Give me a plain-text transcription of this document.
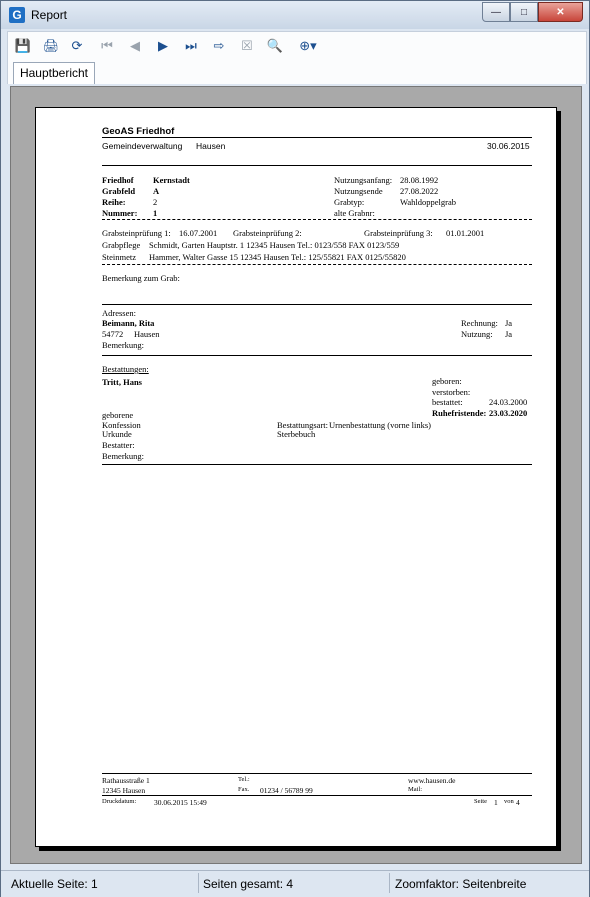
G Report	—	□	✕
💾 🖨 ⟳ ⏮	◀	▶	⏭ ⇨ ☒ 🔍	⊕▾
Hauptbericht
GeoAS Friedhof
Gemeindeverwaltung Hausen	30.06.2015
Friedhof Kernstadt
Grabfeld A
Reihe:	2
Nummer: 1
Nutzungsanfang: 28.08.1992
Nutzungsende 27.08.2022
Grabtyp:	Wahldoppelgrab
alte Grabnr:
Grabsteinprüfung 1: 16.07.2001 Grabsteinprüfung 2:	Grabsteinprüfung 3: 01.01.2001
Grabpflege Schmidt, Garten Hauptstr. 1 12345 Hausen Tel.: 0123/558 FAX 0123/559
Steinmetz Hammer, Walter Gasse 15 12345 Hausen Tel.: 125/55821 FAX 0125/55820
Bemerkung zum Grab:
Adressen:
Beimann, Rita
54772 Hausen
Bemerkung:
Rechnung: Ja
Nutzung: Ja
Bestattungen:
Tritt, Hans	geboren:
verstorben:
bestattet:	24.03.2000
Ruhefristende: 23.03.2020
geborene
Konfession
Urkunde
Bestatter:
Bemerkung:
Bestattungsart: Urnenbestattung (vorne links)
Sterbebuch
Rathausstraße 1
12345 Hausen
Tel.:
Fax. 01234 / 56789 99
www.hausen.de
Mail:
Druckdatum: 30.06.2015 15:49	Seite 1 von 4
Aktuelle Seite: 1	Seiten gesamt: 4	Zoomfaktor: Seitenbreite
